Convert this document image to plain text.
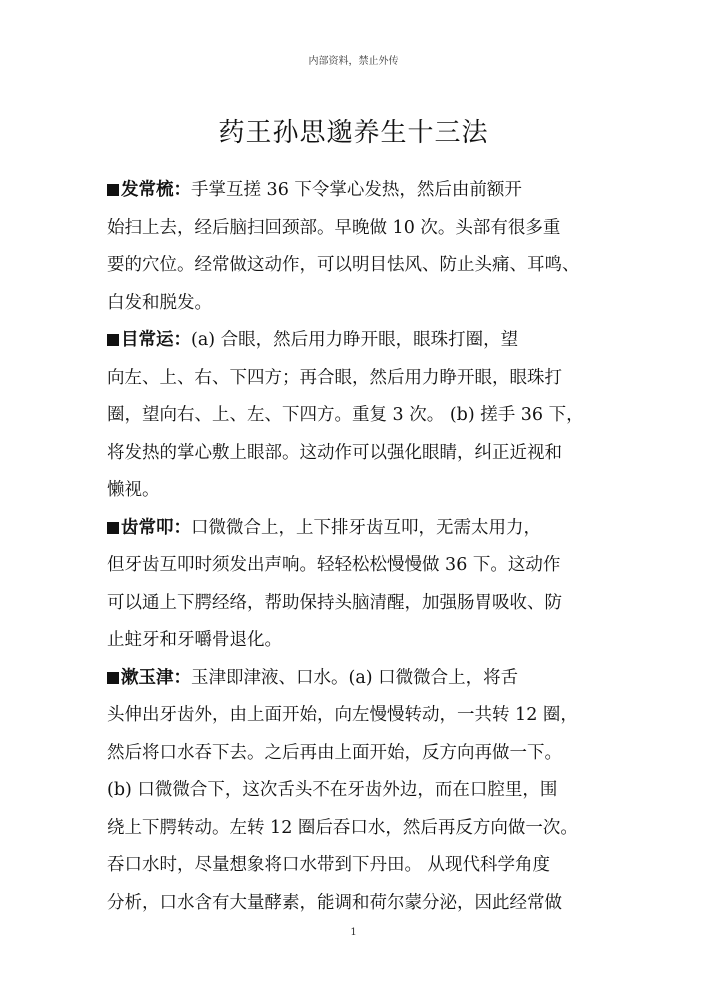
内部资料，禁止外传
药王孙思邈养生十三法
发常梳：手掌互搓 36 下令掌心发热，然后由前额开
始扫上去，经后脑扫回颈部。早晚做 10 次。头部有很多重
要的穴位。经常做这动作，可以明目怯风、防止头痛、耳鸣、
白发和脱发。
目常运：(a) 合眼，然后用力睁开眼，眼珠打圈，望
向左、上、右、下四方；再合眼，然后用力睁开眼，眼珠打
圈，望向右、上、左、下四方。重复 3 次。 (b) 搓手 36 下，
将发热的掌心敷上眼部。这动作可以强化眼睛，纠正近视和
懒视。
齿常叩：口微微合上，上下排牙齿互叩，无需太用力，
但牙齿互叩时须发出声响。轻轻松松慢慢做 36 下。这动作
可以通上下腭经络，帮助保持头脑清醒，加强肠胃吸收、防
止蛀牙和牙嚼骨退化。
漱玉津：玉津即津液、口水。(a) 口微微合上，将舌
头伸出牙齿外，由上面开始，向左慢慢转动，一共转 12 圈，
然后将口水吞下去。之后再由上面开始，反方向再做一下。
(b) 口微微合下，这次舌头不在牙齿外边，而在口腔里，围
绕上下腭转动。左转 12 圈后吞口水，然后再反方向做一次。
吞口水时，尽量想象将口水带到下丹田。 从现代科学角度
分析，口水含有大量酵素，能调和荷尔蒙分泌，因此经常做
1
